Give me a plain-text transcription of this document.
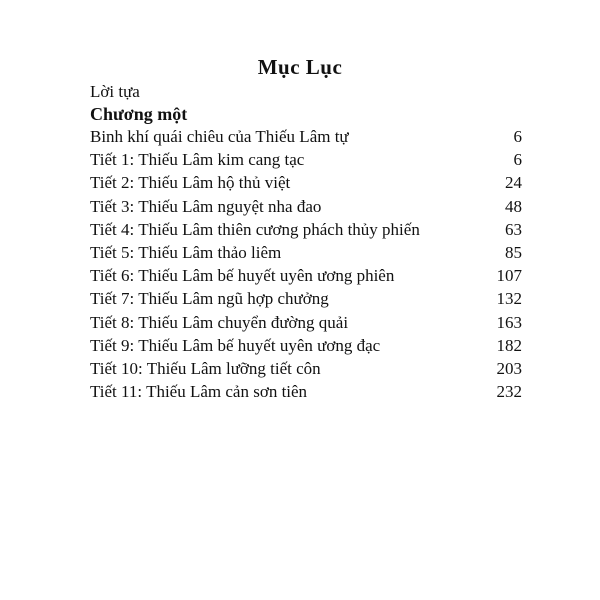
Mục Lục
Lời tựa
Chương một
Binh khí quái chiêu của Thiếu Lâm tự	6
Tiết 1: Thiếu Lâm kim cang tạc	6
Tiết 2: Thiếu Lâm hộ thủ việt	24
Tiết 3: Thiếu Lâm nguyệt nha đao	48
Tiết 4: Thiếu Lâm thiên cương phách thủy phiến	63
Tiết 5: Thiếu Lâm thảo liêm	85
Tiết 6: Thiếu Lâm bế huyết uyên ương phiên	107
Tiết 7: Thiếu Lâm ngũ hợp chưởng	132
Tiết 8: Thiếu Lâm chuyển đường quải	163
Tiết 9: Thiếu Lâm bế huyết uyên ương đạc	182
Tiết 10: Thiếu Lâm lưỡng tiết côn	203
Tiết 11: Thiếu Lâm cản sơn tiên	232
